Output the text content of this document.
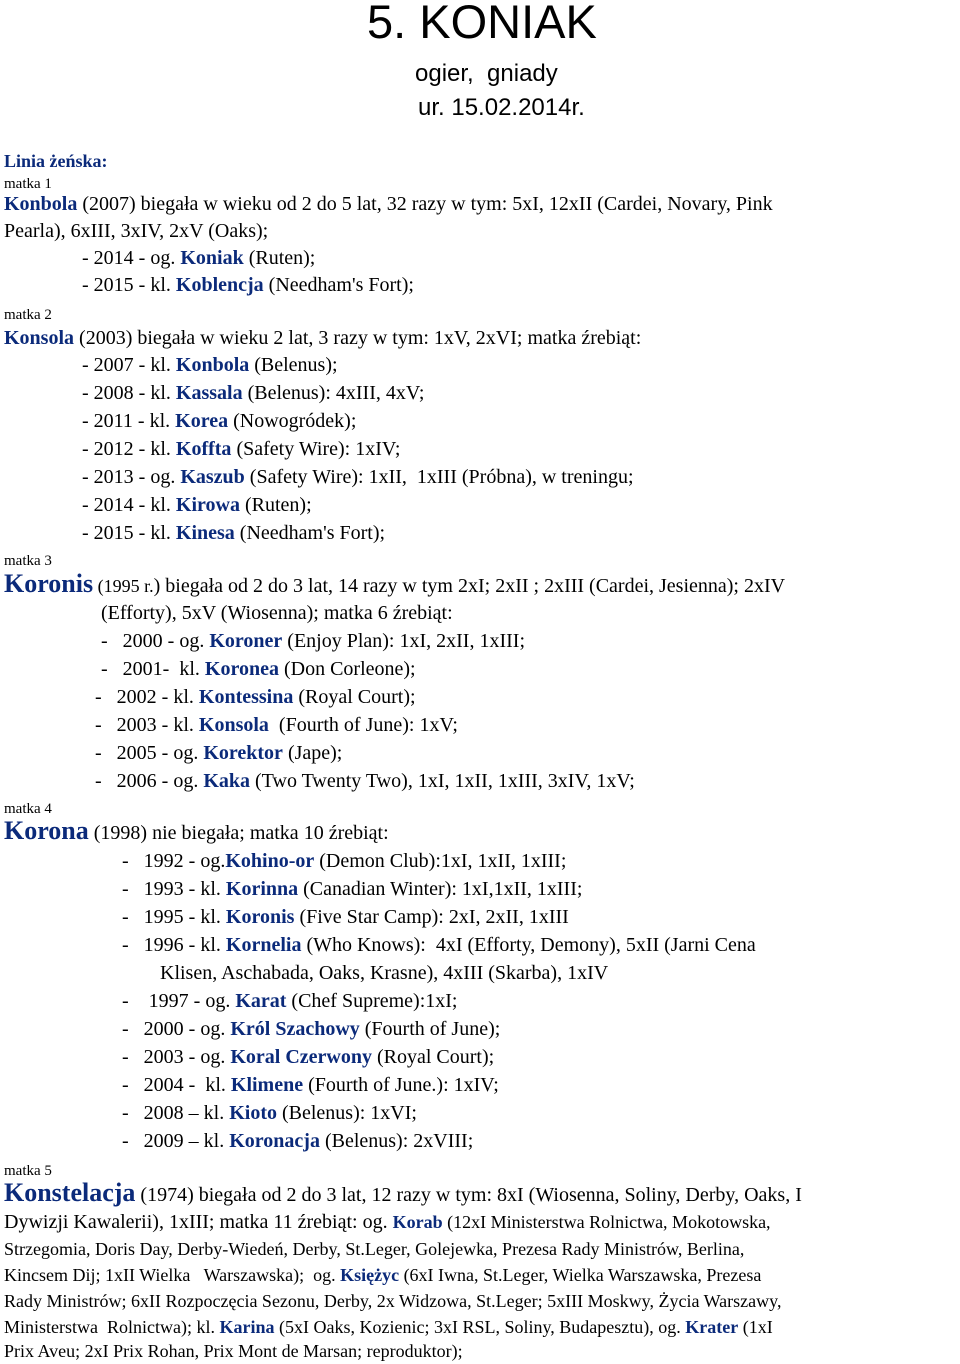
5. KONIAK
ogier,  gniady
ur. 15.02.2014r.
Linia żeńska:
matka 1
Konbola (2007) biegała w wieku od 2 do 5 lat, 32 razy w tym: 5xI, 12xII (Cardei, Novary, Pink
Pearla), 6xIII, 3xIV, 2xV (Oaks);
- 2014 - og. Koniak (Ruten);
- 2015 - kl. Koblencja (Needham's Fort);
matka 2
Konsola (2003) biegała w wieku 2 lat, 3 razy w tym: 1xV, 2xVI; matka źrebiąt:
- 2007 - kl. Konbola (Belenus);
- 2008 - kl. Kassala (Belenus): 4xIII, 4xV;
- 2011 - kl. Korea (Nowogródek);
- 2012 - kl. Koffta (Safety Wire): 1xIV;
- 2013 - og. Kaszub (Safety Wire): 1xII,  1xIII (Próbna), w treningu;
- 2014 - kl. Kirowa (Ruten);
- 2015 - kl. Kinesa (Needham's Fort);
matka 3
Koronis (1995 r.) biegała od 2 do 3 lat, 14 razy w tym 2xI; 2xII ; 2xIII (Cardei, Jesienna); 2xIV
(Efforty), 5xV (Wiosenna); matka 6 źrebiąt:
-   2000 - og. Koroner (Enjoy Plan): 1xI, 2xII, 1xIII;
-   2001-  kl. Koronea (Don Corleone);
-   2002 - kl. Kontessina (Royal Court);
-   2003 - kl. Konsola  (Fourth of June): 1xV;
-   2005 - og. Korektor (Jape);
-   2006 - og. Kaka (Two Twenty Two), 1xI, 1xII, 1xIII, 3xIV, 1xV;
matka 4
Korona (1998) nie biegała; matka 10 źrebiąt:
-   1992 - og.Kohino-or (Demon Club):1xI, 1xII, 1xIII;
-   1993 - kl. Korinna (Canadian Winter): 1xI,1xII, 1xIII;
-   1995 - kl. Koronis (Five Star Camp): 2xI, 2xII, 1xIII
-   1996 - kl. Kornelia (Who Knows):  4xI (Efforty, Demony), 5xII (Jarni Cena
Klisen, Aschabada, Oaks, Krasne), 4xIII (Skarba), 1xIV
-    1997 - og. Karat (Chef Supreme):1xI;
-   2000 - og. Król Szachowy (Fourth of June);
-   2003 - og. Koral Czerwony (Royal Court);
-   2004 -  kl. Klimene (Fourth of June.): 1xIV;
-   2008 – kl. Kioto (Belenus): 1xVI;
-   2009 – kl. Koronacja (Belenus): 2xVIII;
matka 5
Konstelacja (1974) biegała od 2 do 3 lat, 12 razy w tym: 8xI (Wiosenna, Soliny, Derby, Oaks, I
Dywizji Kawalerii), 1xIII; matka 11 źrebiąt: og. Korab (12xI Ministerstwa Rolnictwa, Mokotowska,
Strzegomia, Doris Day, Derby-Wiedeń, Derby, St.Leger, Golejewka, Prezesa Rady Ministrów, Berlina,
Kincsem Dij; 1xII Wielka   Warszawska);  og. Księżyc (6xI Iwna, St.Leger, Wielka Warszawska, Prezesa
Rady Ministrów; 6xII Rozpoczęcia Sezonu, Derby, 2x Widzowa, St.Leger; 5xIII Moskwy, Życia Warszawy,
Ministerstwa  Rolnictwa); kl. Karina (5xI Oaks, Kozienic; 3xI RSL, Soliny, Budapesztu), og. Krater (1xI
Prix Aveu; 2xI Prix Rohan, Prix Mont de Marsan; reproduktor);
